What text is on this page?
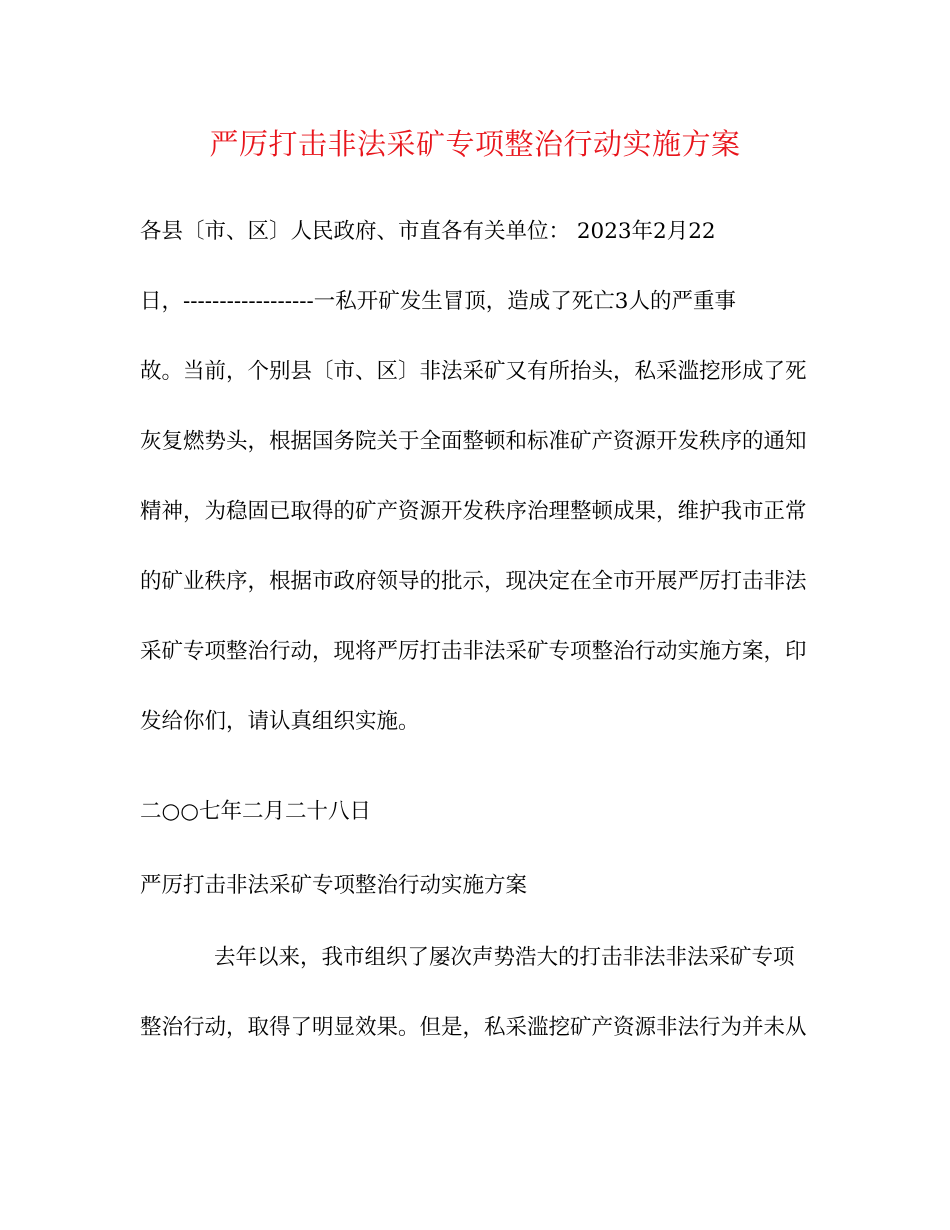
严厉打击非法采矿专项整治行动实施方案
各县〔市、区〕人民政府、市直各有关单位： 2023年2月22
日，------------------一私开矿发生冒顶，造成了死亡3人的严重事
故。当前，个别县〔市、区〕非法采矿又有所抬头，私采滥挖形成了死
灰复燃势头，根据国务院关于全面整顿和标准矿产资源开发秩序的通知
精神，为稳固已取得的矿产资源开发秩序治理整顿成果，维护我市正常
的矿业秩序，根据市政府领导的批示，现决定在全市开展严厉打击非法
采矿专项整治行动，现将严厉打击非法采矿专项整治行动实施方案，印
发给你们，请认真组织实施。
二○○七年二月二十八日
严厉打击非法采矿专项整治行动实施方案
去年以来，我市组织了屡次声势浩大的打击非法非法采矿专项
整治行动，取得了明显效果。但是，私采滥挖矿产资源非法行为并未从
